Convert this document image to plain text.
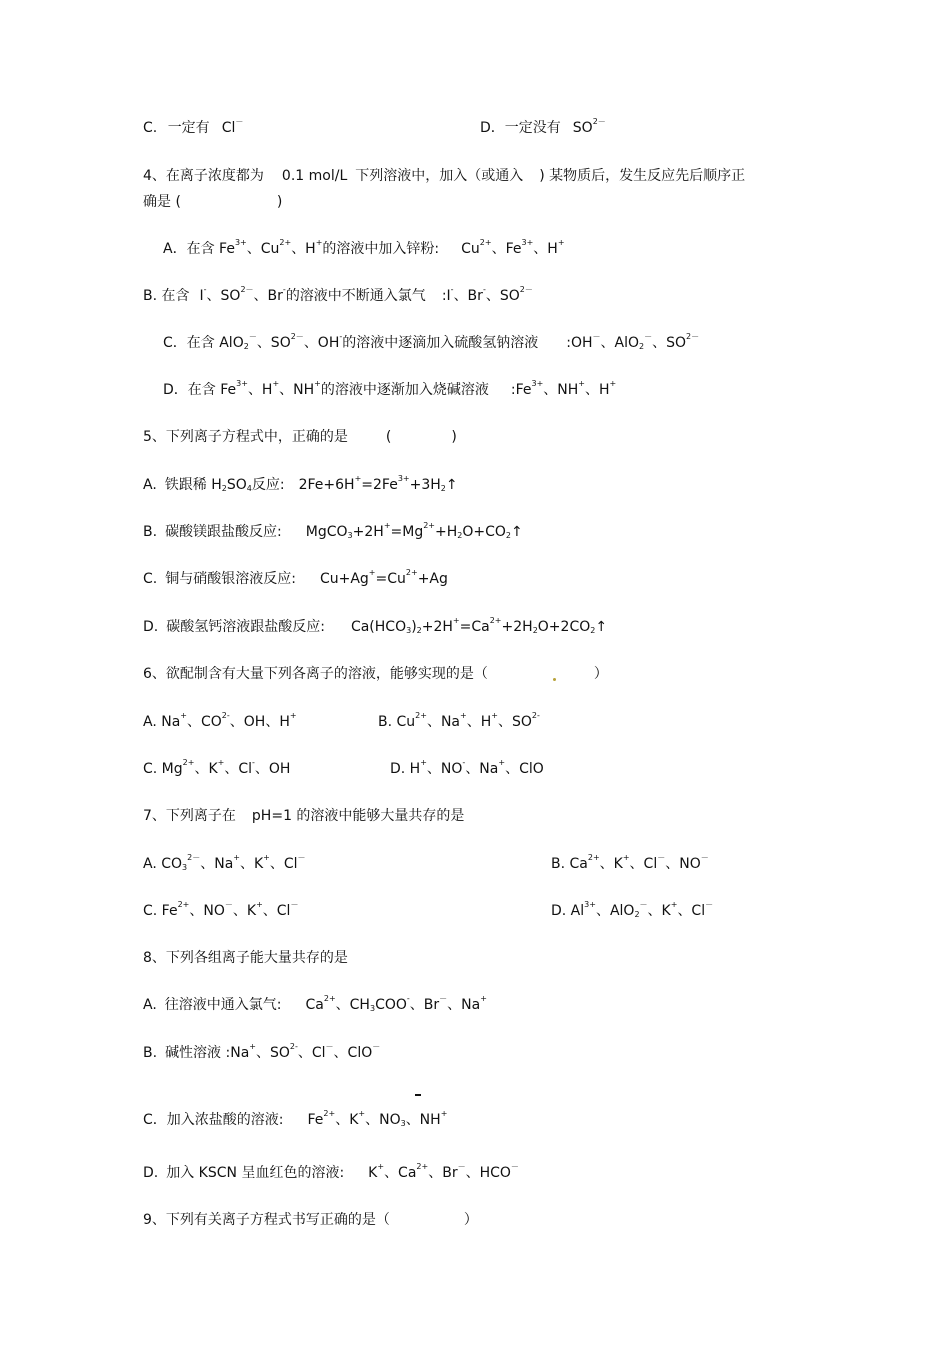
C. 一定有 Cl－	D．一定没有 $SO^{2-}$
4、在离子浓度都为 0.1 mol/L 下列溶液中，加入（或通入 ) 某物质后，发生反应先后顺序正
确是 (	)
A．在含 $Fe^{3+}$、$Cu^{2+}$、H+的溶液中加入锌粉: $Cu^{2+}$、$Fe^{3+}$、H+
B. 在含 I-、$SO^{2-}$、Br-的溶液中不断通入氯气 :I-、Br-、$SO^{2-}$
C．在含 AlO$_2$－、$SO^{2-}$、OH-的溶液中逐滴加入硫酸氢钠溶液 :OH－、AlO$_2$－、$SO^{2-}$
D．在含 $Fe^{3+}$、H+、NH+的溶液中逐渐加入烧碱溶液 $:Fe^{3+}$、NH+、H+
5、下列离子方程式中，正确的是	(	)
A. 铁跟稀 $H_2SO_4$反应: $2Fe+6H^+=2Fe^{3+}+3H_2↑$
B. 碳酸镁跟盐酸反应: $MgCO_3+2H^+=Mg^{2+}+H_2O+CO_2↑$
C. 铜与硝酸银溶液反应: $Cu+Ag^+=Cu^{2+}+Ag$
D. 碳酸氢钙溶液跟盐酸反应: $Ca(HCO_3)_2+2H^+=Ca^{2+}+2H_2O+2CO_2↑$
6、欲配制含有大量下列各离子的溶液，能够实现的是（	）
A. Na+、$CO^{2-}$、OH、H+	B. $Cu^{2+}$、Na+、H+、$SO^{2-}$
C. $Mg^{2+}$、K+、Cl-、OH	D. H+、NO-、Na+、ClO
7、下列离子在 pH=1 的溶液中能够大量共存的是
A. $CO_3^{2-}$、Na+、K+、Cl－	B. $Ca^{2+}$、K+、Cl－、NO－
C. $Fe^{2+}$、NO－、K+、Cl－	D. $Al^{3+}$、AlO$_2$－、K+、Cl－
8、下列各组离子能大量共存的是
A. 往溶液中通入氯气: $Ca^{2+}$、$CH_3COO^-$、Br－、Na+
B. 碱性溶液 :Na+、$SO^{2-}$、Cl－、ClO－
C．加入浓盐酸的溶液: $Fe^{2+}$、K+、$NO_3$、NH+
D. 加入 KSCN 呈血红色的溶液: K+、$Ca^{2+}$、Br－、HCO－
9、下列有关离子方程式书写正确的是（	）
